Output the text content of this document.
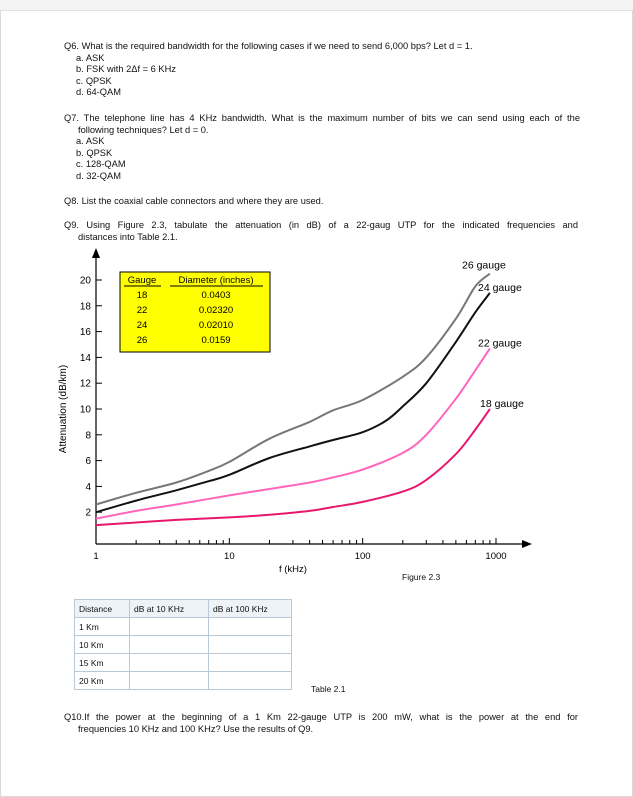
Q6. What is the required bandwidth for the following cases if we need to send 6,000 bps? Let d = 1.
a. ASK
b. FSK with 2Δf = 6 KHz
c. QPSK
d. 64-QAM
Q7. The telephone line has 4 KHz bandwidth. What is the maximum number of bits we can send using each of the
following techniques? Let d = 0.
a. ASK
b. QPSK
c. 128-QAM
d. 32-QAM
Q8. List the coaxial cable connectors and where they are used.
Q9. Using Figure 2.3, tabulate the attenuation (in dB) of a 22-gaug UTP for the indicated frequencies and
distances into Table 2.1.
2
4
6
8
10
12
14
16
18
20
1	10	100	1000
f (kHz)
Attenuation (dB/km)
26 gauge
24 gauge
22 gauge
18 gauge
Gauge Diameter (inches)
18	0.0403
22	0.02320
24	0.02010
26	0.0159
Figure 2.3
Distance	dB at 10 KHz	dB at 100 KHz
1 Km		
10 Km		
15 Km		
20 Km		
Table 2.1
Q10.If the power at the beginning of a 1 Km 22-gauge UTP is 200 mW, what is the power at the end for
frequencies 10 KHz and 100 KHz? Use the results of Q9.
